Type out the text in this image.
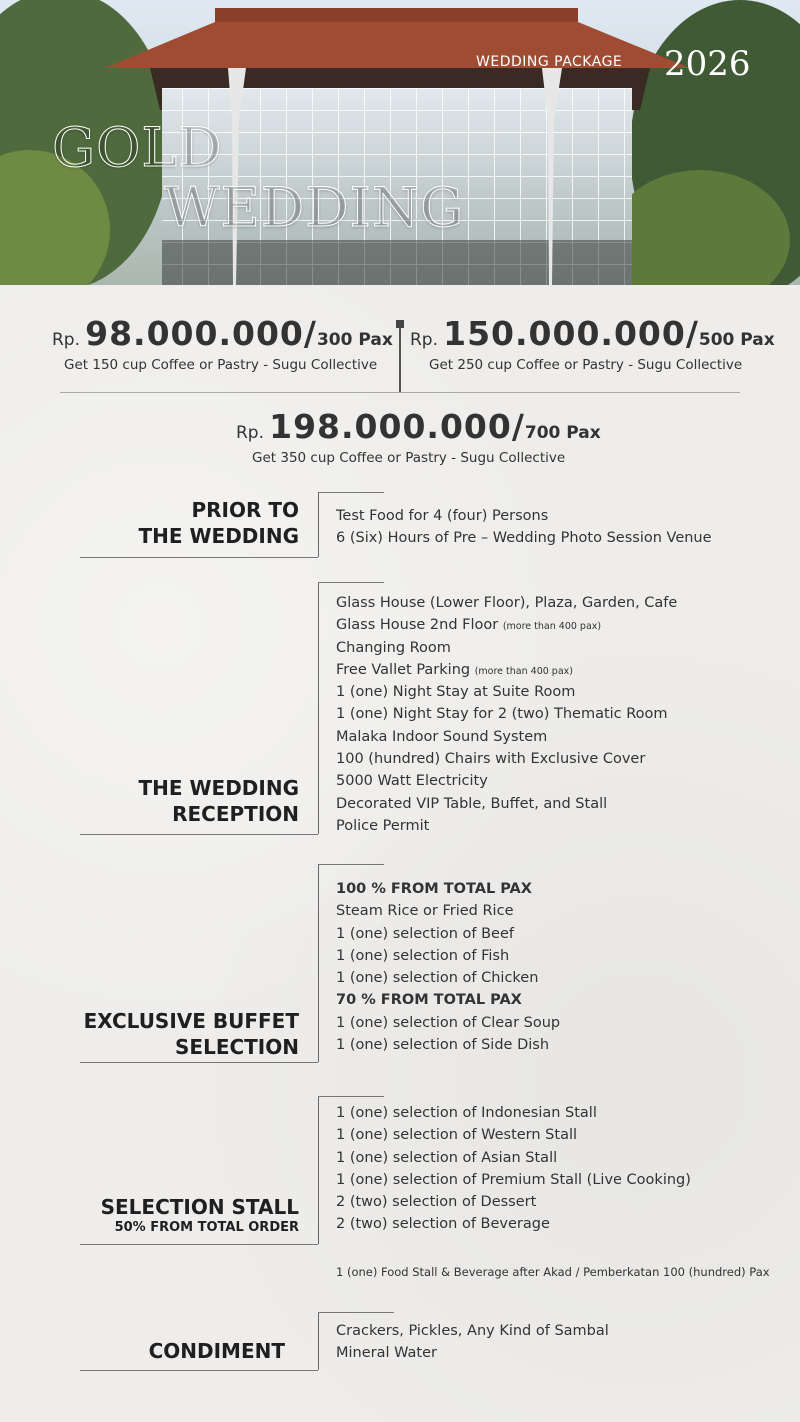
WEDDING PACKAGE 2026
GOLD
WEDDING
Rp. 98.000.000/300 Pax
Get 150 cup Coffee or Pastry - Sugu Collective
Rp. 150.000.000/500 Pax
Get 250 cup Coffee or Pastry - Sugu Collective
Rp. 198.000.000/700 Pax
Get 350 cup Coffee or Pastry - Sugu Collective
PRIOR TO
THE WEDDING
Test Food for 4 (four) Persons
6 (Six) Hours of Pre – Wedding Photo Session Venue
THE WEDDING
RECEPTION
Glass House (Lower Floor), Plaza, Garden, Cafe
Glass House 2nd Floor (more than 400 pax)
Changing Room
Free Vallet Parking (more than 400 pax)
1 (one) Night Stay at Suite Room
1 (one) Night Stay for 2 (two) Thematic Room
Malaka Indoor Sound System
100 (hundred) Chairs with Exclusive Cover
5000 Watt Electricity
Decorated VIP Table, Buffet, and Stall
Police Permit
EXCLUSIVE BUFFET
SELECTION
100 % FROM TOTAL PAX
Steam Rice or Fried Rice
1 (one) selection of Beef
1 (one) selection of Fish
1 (one) selection of Chicken
70 % FROM TOTAL PAX
1 (one) selection of Clear Soup
1 (one) selection of Side Dish
SELECTION STALL
50% FROM TOTAL ORDER
1 (one) selection of Indonesian Stall
1 (one) selection of Western Stall
1 (one) selection of Asian Stall
1 (one) selection of Premium Stall (Live Cooking)
2 (two) selection of Dessert
2 (two) selection of Beverage
1 (one) Food Stall & Beverage after Akad / Pemberkatan 100 (hundred) Pax
CONDIMENT
Crackers, Pickles, Any Kind of Sambal
Mineral Water
